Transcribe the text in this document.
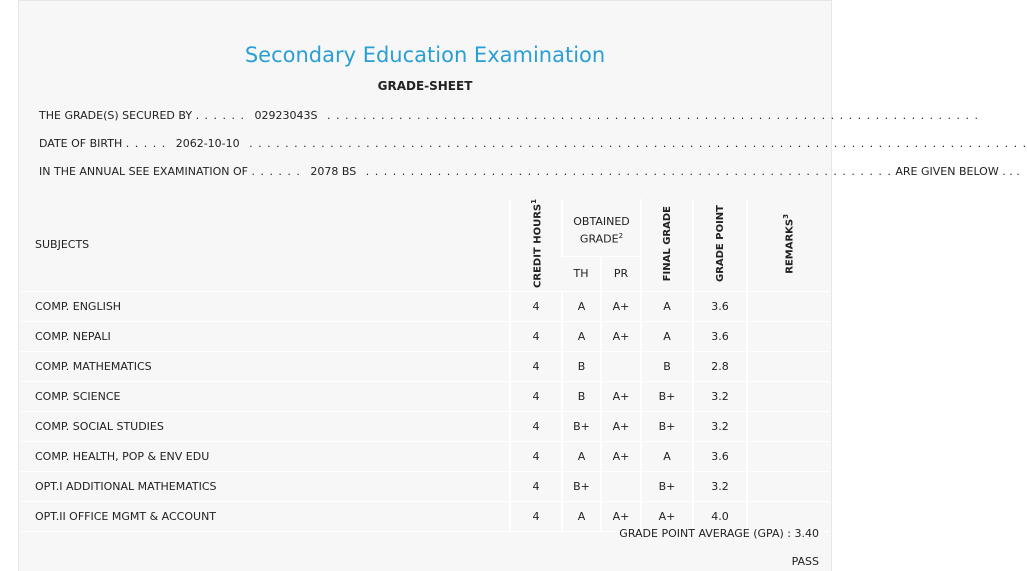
Secondary Education Examination
GRADE-SHEET
THE GRADE(S) SECURED BY . . . . . . 02923043S . . . . . . . . . . . . . . . . . . . . . . . . . . . . . . . . . . . . . . . . . . . . . . . . . . . . . . . . . . . . . . . . . . . . . . . . .
DATE OF BIRTH . . . . . 2062-10-10 . . . . . . . . . . . . . . . . . . . . . . . . . . . . . . . . . . . . . . . . . . . . . . . . . . . . . . . . . . . . . . . . . . . . . . . . . . . . . . . . . . . . . . .
IN THE ANNUAL SEE EXAMINATION OF . . . . . . 2078 BS . . . . . . . . . . . . . . . . . . . . . . . . . . . . . . . . . . . . . . . . . . . . . . . . . . . . . . . . . . . ARE GIVEN BELOW . . .
SUBJECTS	CREDIT HOURS$^1$	OBTAINED GRADE$^2$		FINAL GRADE	GRADE POINT	REMARKS$^3$
		TH	PR			
COMP. ENGLISH	4	A	A+	A	3.6	
COMP. NEPALI	4	A	A+	A	3.6	
COMP. MATHEMATICS	4	B		B	2.8	
COMP. SCIENCE	4	B	A+	B+	3.2	
COMP. SOCIAL STUDIES	4	B+	A+	B+	3.2	
COMP. HEALTH, POP & ENV EDU	4	A	A+	A	3.6	
OPT.I ADDITIONAL MATHEMATICS	4	B+		B+	3.2	
OPT.II OFFICE MGMT & ACCOUNT	4	A	A+	A+	4.0	
GRADE POINT AVERAGE (GPA) : 3.40
PASS
